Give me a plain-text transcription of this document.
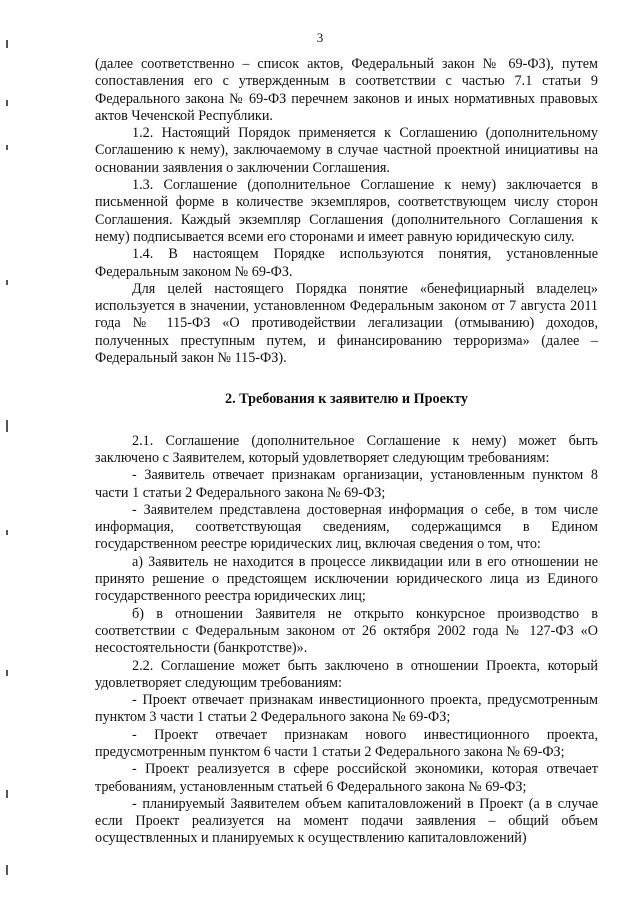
3

(далее соответственно – список актов, Федеральный закон № 69-ФЗ), путем сопоставления его с утвержденным в соответствии с частью 7.1 статьи 9 Федерального закона № 69-ФЗ перечнем законов и иных нормативных правовых актов Чеченской Республики.

1.2. Настоящий Порядок применяется к Соглашению (дополнительному Соглашению к нему), заключаемому в случае частной проектной инициативы на основании заявления о заключении Соглашения.

1.3. Соглашение (дополнительное Соглашение к нему) заключается в письменной форме в количестве экземпляров, соответствующем числу сторон Соглашения. Каждый экземпляр Соглашения (дополнительного Соглашения к нему) подписывается всеми его сторонами и имеет равную юридическую силу.

1.4. В настоящем Порядке используются понятия, установленные Федеральным законом № 69-ФЗ.

Для целей настоящего Порядка понятие «бенефициарный владелец» используется в значении, установленном Федеральным законом от 7 августа 2011 года № 115-ФЗ «О противодействии легализации (отмыванию) доходов, полученных преступным путем, и финансированию терроризма» (далее – Федеральный закон № 115-ФЗ).

2. Требования к заявителю и Проекту

2.1. Соглашение (дополнительное Соглашение к нему) может быть заключено с Заявителем, который удовлетворяет следующим требованиям:

- Заявитель отвечает признакам организации, установленным пунктом 8 части 1 статьи 2 Федерального закона № 69-ФЗ;

- Заявителем представлена достоверная информация о себе, в том числе информация, соответствующая сведениям, содержащимся в Едином государственном реестре юридических лиц, включая сведения о том, что:

а) Заявитель не находится в процессе ликвидации или в его отношении не принято решение о предстоящем исключении юридического лица из Единого государственного реестра юридических лиц;

б) в отношении Заявителя не открыто конкурсное производство в соответствии с Федеральным законом от 26 октября 2002 года № 127-ФЗ «О несостоятельности (банкротстве)».

2.2. Соглашение может быть заключено в отношении Проекта, который удовлетворяет следующим требованиям:

- Проект отвечает признакам инвестиционного проекта, предусмотренным пунктом 3 части 1 статьи 2 Федерального закона № 69-ФЗ;

- Проект отвечает признакам нового инвестиционного проекта, предусмотренным пунктом 6 части 1 статьи 2 Федерального закона № 69-ФЗ;

- Проект реализуется в сфере российской экономики, которая отвечает требованиям, установленным статьей 6 Федерального закона № 69-ФЗ;

- планируемый Заявителем объем капиталовложений в Проект (а в случае если Проект реализуется на момент подачи заявления – общий объем осуществленных и планируемых к осуществлению капиталовложений)
